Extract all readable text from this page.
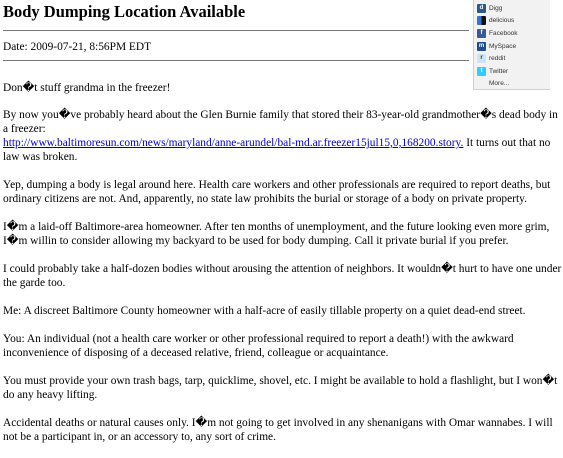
Body Dumping Location Available
Date: 2009-07-21, 8:56PM EDT

Don�t stuff grandma in the freezer!

By now you�ve probably heard about the Glen Burnie family that stored their 83-year-old grandmother�s dead body in a freezer:
http://www.baltimoresun.com/news/maryland/anne-arundel/bal-md.ar.freezer15jul15,0,168200.story. It turns out that no law was broken.

Yep, dumping a body is legal around here. Health care workers and other professionals are required to report deaths, but ordinary citizens are not. And, apparently, no state law prohibits the burial or storage of a body on private property.

I�m a laid-off Baltimore-area homeowner. After ten months of unemployment, and the future looking even more grim, I�m willin to consider allowing my backyard to be used for body dumping. Call it private burial if you prefer.

I could probably take a half-dozen bodies without arousing the attention of neighbors. It wouldn�t hurt to have one under the garde too.

Me: A discreet Baltimore County homeowner with a half-acre of easily tillable property on a quiet dead-end street.

You: An individual (not a health care worker or other professional required to report a death!) with the awkward inconvenience of disposing of a deceased relative, friend, colleague or acquaintance.

You must provide your own trash bags, tarp, quicklime, shovel, etc. I might be available to hold a flashlight, but I won�t do any heavy lifting.

Accidental deaths or natural causes only. I�m not going to get involved in any shenanigans with Omar wannabes. I will not be a participant in, or an accessory to, any sort of crime.

d Digg
delicious
f	Facebook
m MySpace
r reddit
t	Twitter
More...
